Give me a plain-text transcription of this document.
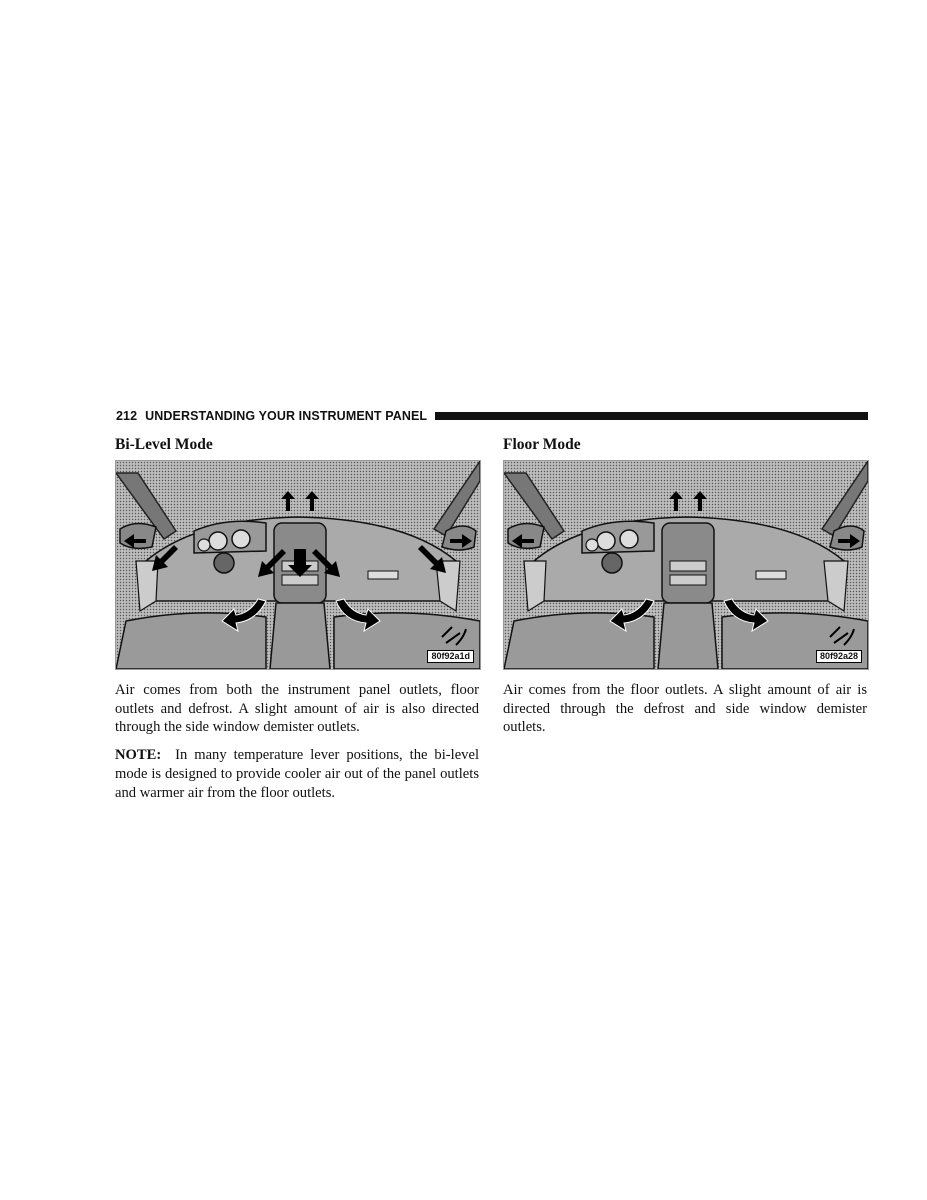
212 UNDERSTANDING YOUR INSTRUMENT PANEL
Bi-Level Mode
80f92a1d

Air comes from both the instrument panel outlets, floor outlets and defrost. A slight amount of air is also directed through the side window demister outlets.

NOTE: In many temperature lever positions, the bi-level mode is designed to provide cooler air out of the panel outlets and warmer air from the floor outlets.

Floor Mode
80f92a28

Air comes from the floor outlets. A slight amount of air is directed through the defrost and side window demister outlets.
